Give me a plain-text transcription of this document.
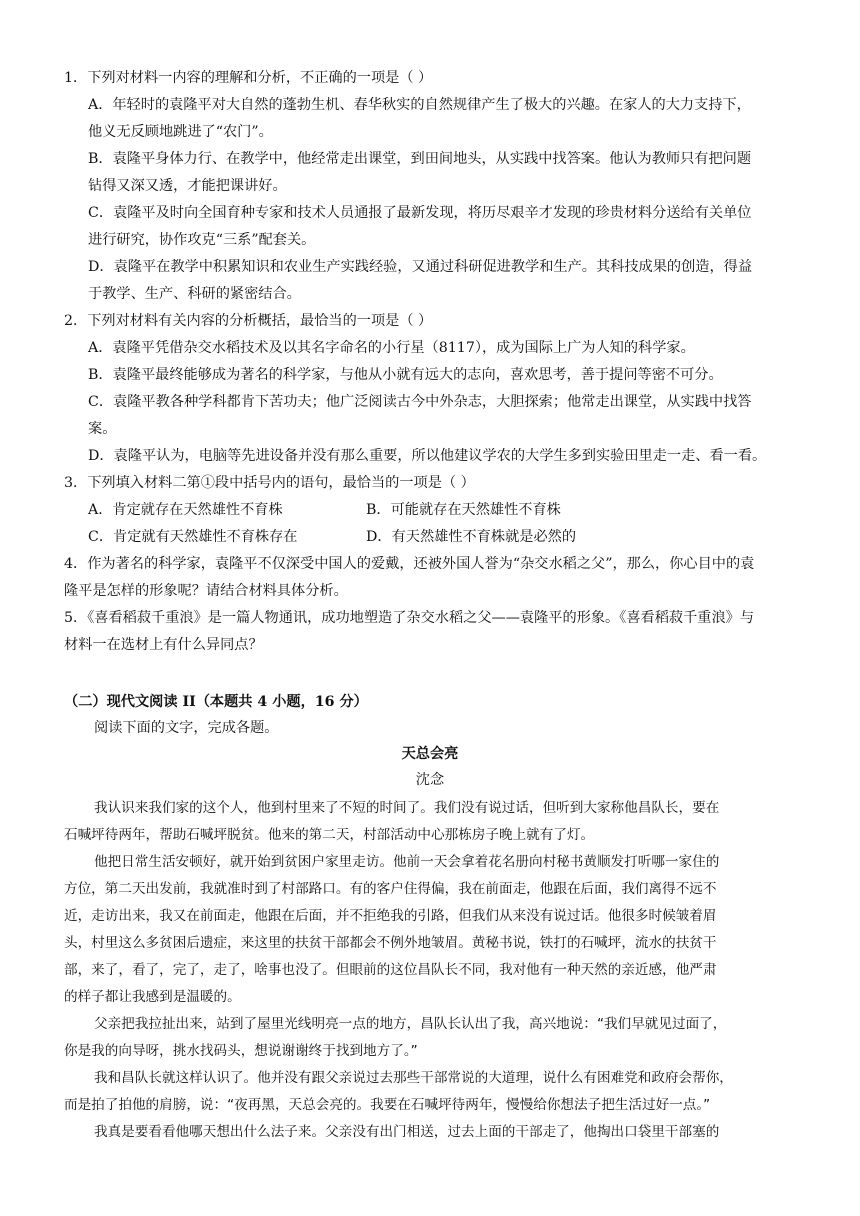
1．下列对材料一内容的理解和分析，不正确的一项是（ ）
A．年轻时的袁隆平对大自然的蓬勃生机、春华秋实的自然规律产生了极大的兴趣。在家人的大力支持下，
他义无反顾地跳进了“农门”。
B．袁隆平身体力行、在教学中，他经常走出课堂，到田间地头，从实践中找答案。他认为教师只有把问题
钻得又深又透，才能把课讲好。
C．袁隆平及时向全国育种专家和技术人员通报了最新发现，将历尽艰辛才发现的珍贵材料分送给有关单位
进行研究，协作攻克“三系”配套关。
D．袁隆平在教学中积累知识和农业生产实践经验，又通过科研促进教学和生产。其科技成果的创造，得益
于教学、生产、科研的紧密结合。
2．下列对材料有关内容的分析概括，最恰当的一项是（ ）
A．袁隆平凭借杂交水稻技术及以其名字命名的小行星（8117），成为国际上广为人知的科学家。
B．袁隆平最终能够成为著名的科学家，与他从小就有远大的志向，喜欢思考，善于提问等密不可分。
C．袁隆平教各种学科都肯下苦功夫；他广泛阅读古今中外杂志，大胆探索；他常走出课堂，从实践中找答
案。
D．袁隆平认为，电脑等先进设备并没有那么重要，所以他建议学农的大学生多到实验田里走一走、看一看。
3．下列填入材料二第①段中括号内的语句，最恰当的一项是（ ）
A．肯定就存在天然雄性不育株	B．可能就存在天然雄性不育株
C．肯定就有天然雄性不育株存在	D．有天然雄性不育株就是必然的
4．作为著名的科学家，袁隆平不仅深受中国人的爱戴，还被外国人誉为“杂交水稻之父”，那么，你心目中的袁
隆平是怎样的形象呢？请结合材料具体分析。
5．《喜看稻菽千重浪》是一篇人物通讯，成功地塑造了杂交水稻之父——袁隆平的形象。《喜看稻菽千重浪》与
材料一在选材上有什么异同点？
（二）现代文阅读 II（本题共 4 小题，16 分）
阅读下面的文字，完成各题。
天总会亮
沈念
我认识来我们家的这个人，他到村里来了不短的时间了。我们没有说过话，但听到大家称他昌队长，要在
石喊坪待两年，帮助石喊坪脱贫。他来的第二天，村部活动中心那栋房子晚上就有了灯。
他把日常生活安顿好，就开始到贫困户家里走访。他前一天会拿着花名册向村秘书黄顺发打听哪一家住的
方位，第二天出发前，我就准时到了村部路口。有的客户住得偏，我在前面走，他跟在后面，我们离得不远不
近，走访出来，我又在前面走，他跟在后面，并不拒绝我的引路，但我们从来没有说过话。他很多时候皱着眉
头，村里这么多贫困后遗症，来这里的扶贫干部都会不例外地皱眉。黄秘书说，铁打的石喊坪，流水的扶贫干
部，来了，看了，完了，走了，啥事也没了。但眼前的这位昌队长不同，我对他有一种天然的亲近感，他严肃
的样子都让我感到是温暖的。
父亲把我拉扯出来，站到了屋里光线明亮一点的地方，昌队长认出了我，高兴地说：“我们早就见过面了，
你是我的向导呀，挑水找码头，想说谢谢终于找到地方了。”
我和昌队长就这样认识了。他并没有跟父亲说过去那些干部常说的大道理，说什么有困难党和政府会帮你，
而是拍了拍他的肩膀，说：“夜再黑，天总会亮的。我要在石喊坪待两年，慢慢给你想法子把生活过好一点。”
我真是要看看他哪天想出什么法子来。父亲没有出门相送，过去上面的干部走了，他掏出口袋里干部塞的
